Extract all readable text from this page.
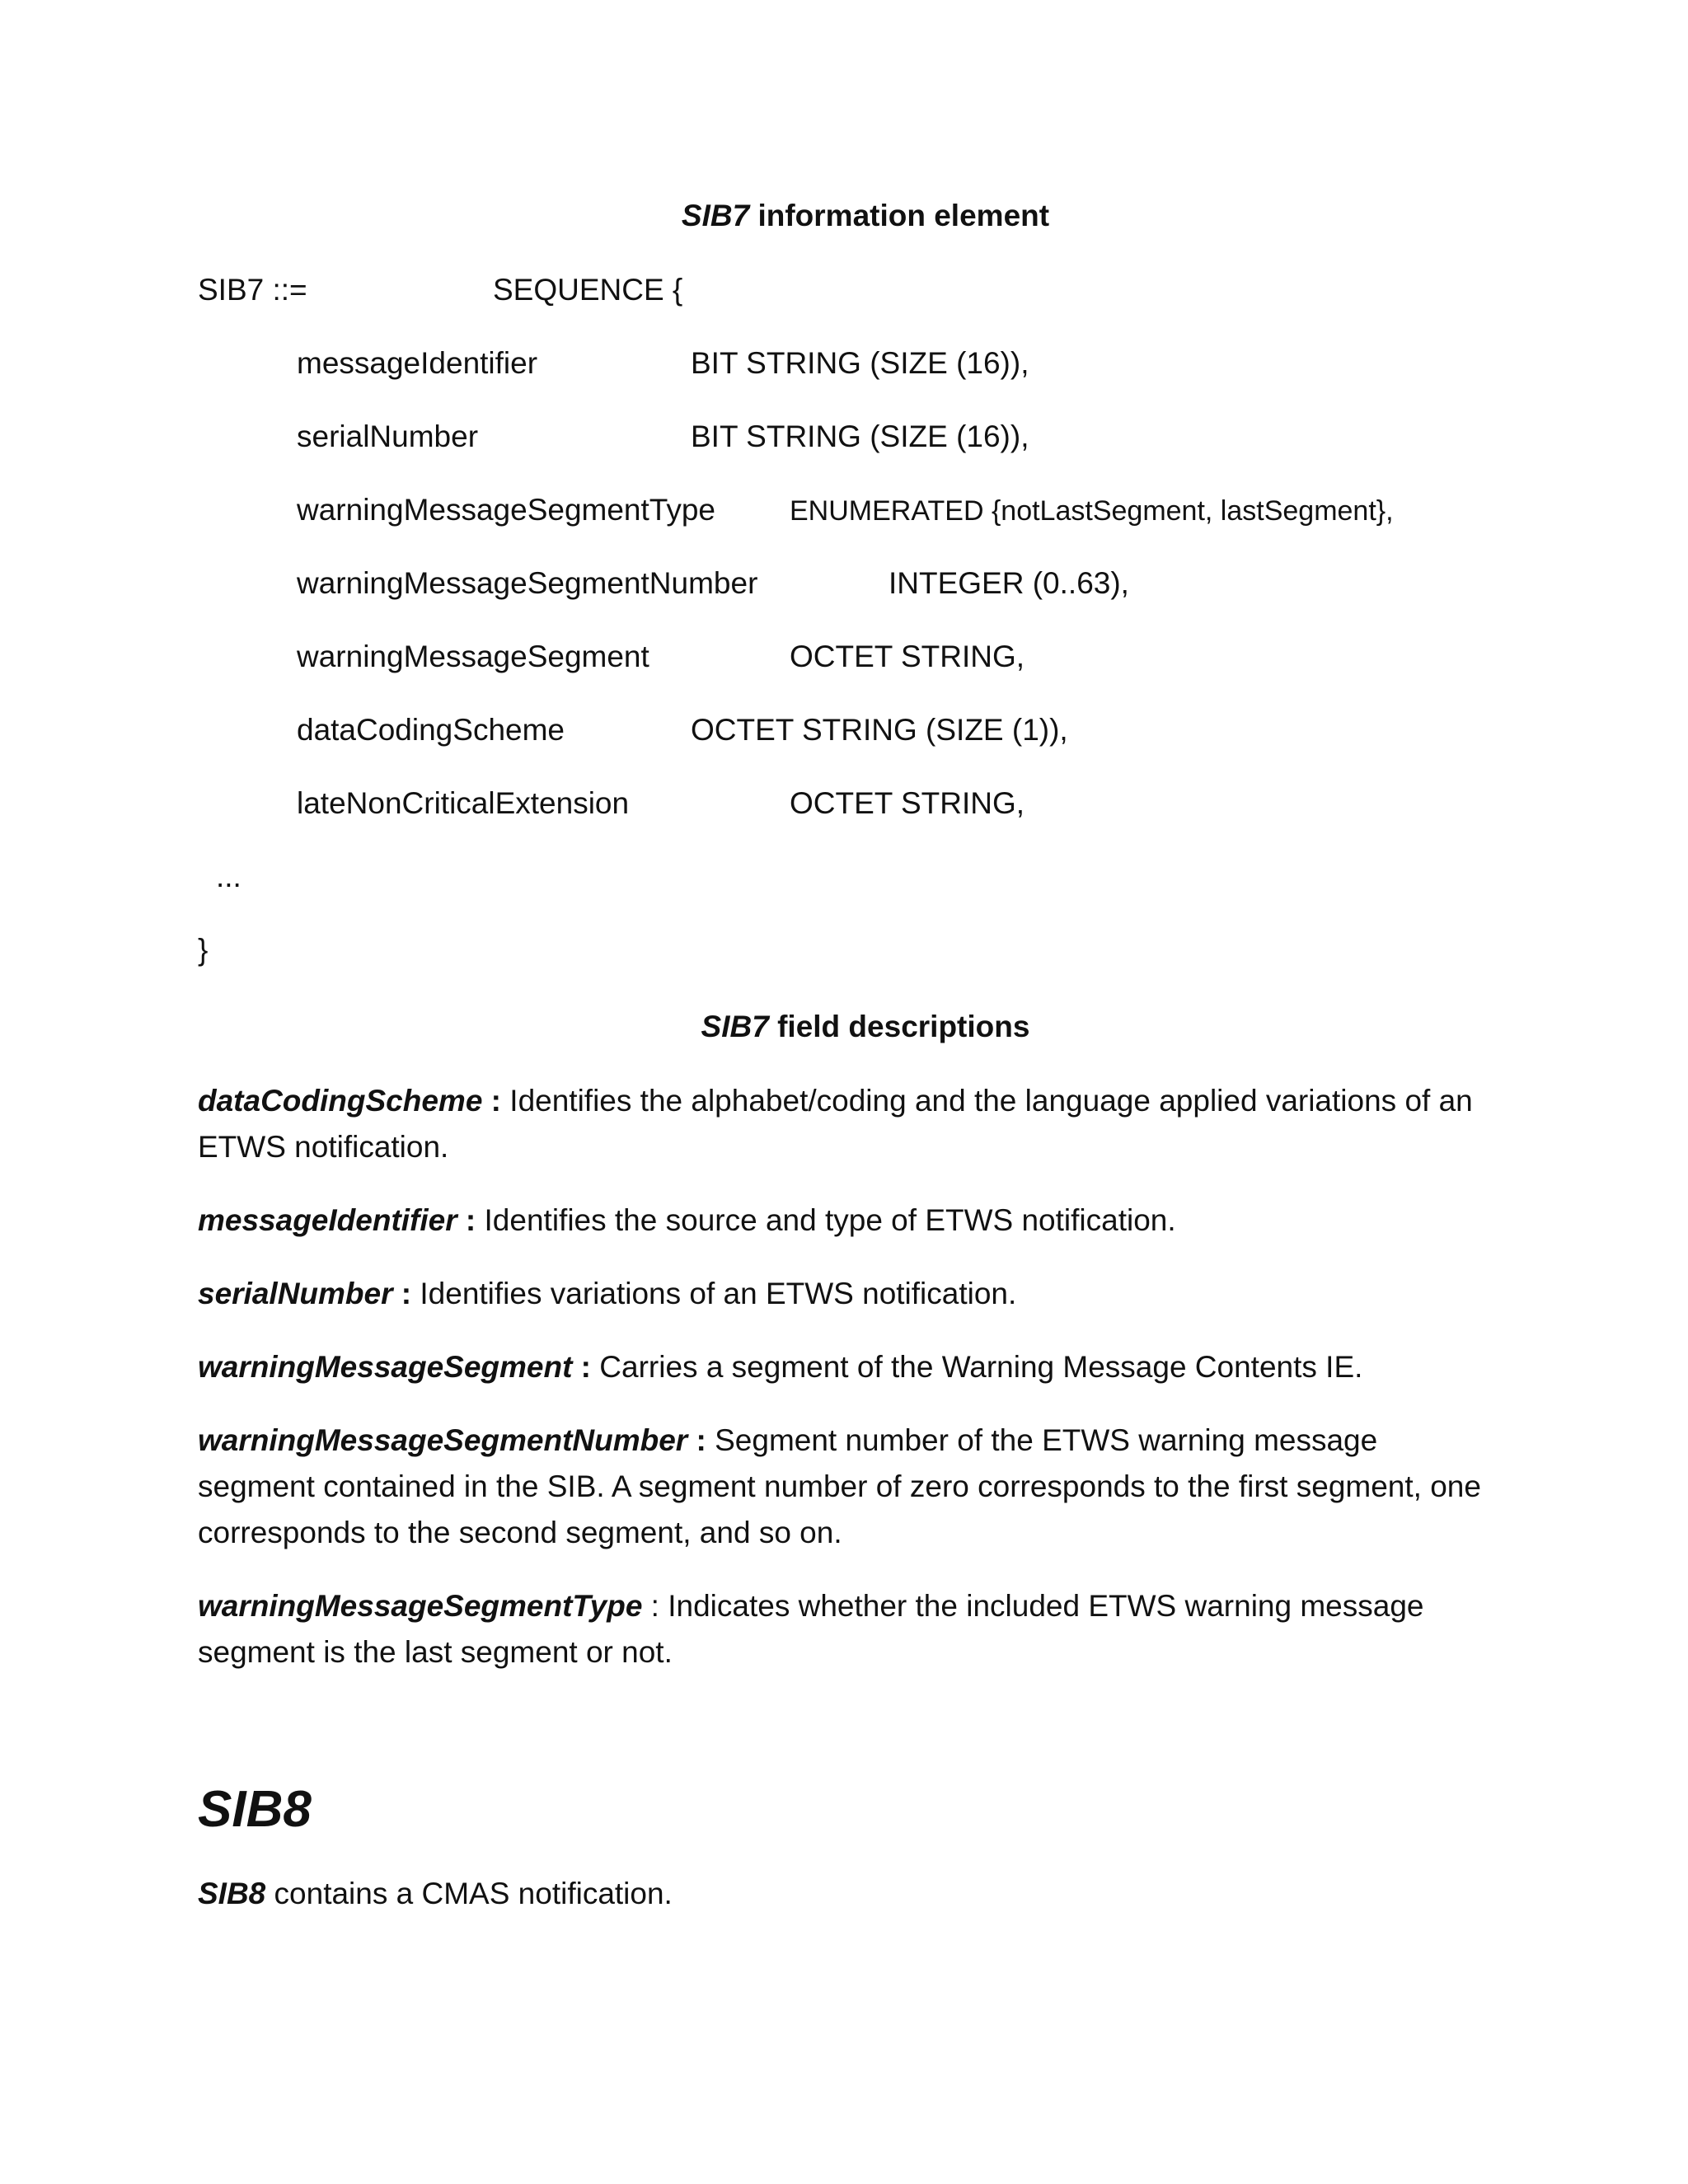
SIB7 information element
SIB7 ::=	SEQUENCE {
messageIdentifier	BIT STRING (SIZE (16)),
serialNumber	BIT STRING (SIZE (16)),
warningMessageSegmentType	ENUMERATED {notLastSegment, lastSegment},
warningMessageSegmentNumber	INTEGER (0..63),
warningMessageSegment	OCTET STRING,
dataCodingScheme	OCTET STRING (SIZE (1)),
lateNonCriticalExtension	OCTET STRING,
...
}
SIB7 field descriptions
dataCodingScheme : Identifies the alphabet/coding and the language applied variations of an ETWS notification.
messageIdentifier : Identifies the source and type of ETWS notification.
serialNumber : Identifies variations of an ETWS notification.
warningMessageSegment : Carries a segment of the Warning Message Contents IE.
warningMessageSegmentNumber : Segment number of the ETWS warning message segment contained in the SIB. A segment number of zero corresponds to the first segment, one corresponds to the second segment, and so on.
warningMessageSegmentType : Indicates whether the included ETWS warning message segment is the last segment or not.
SIB8
SIB8 contains a CMAS notification.
